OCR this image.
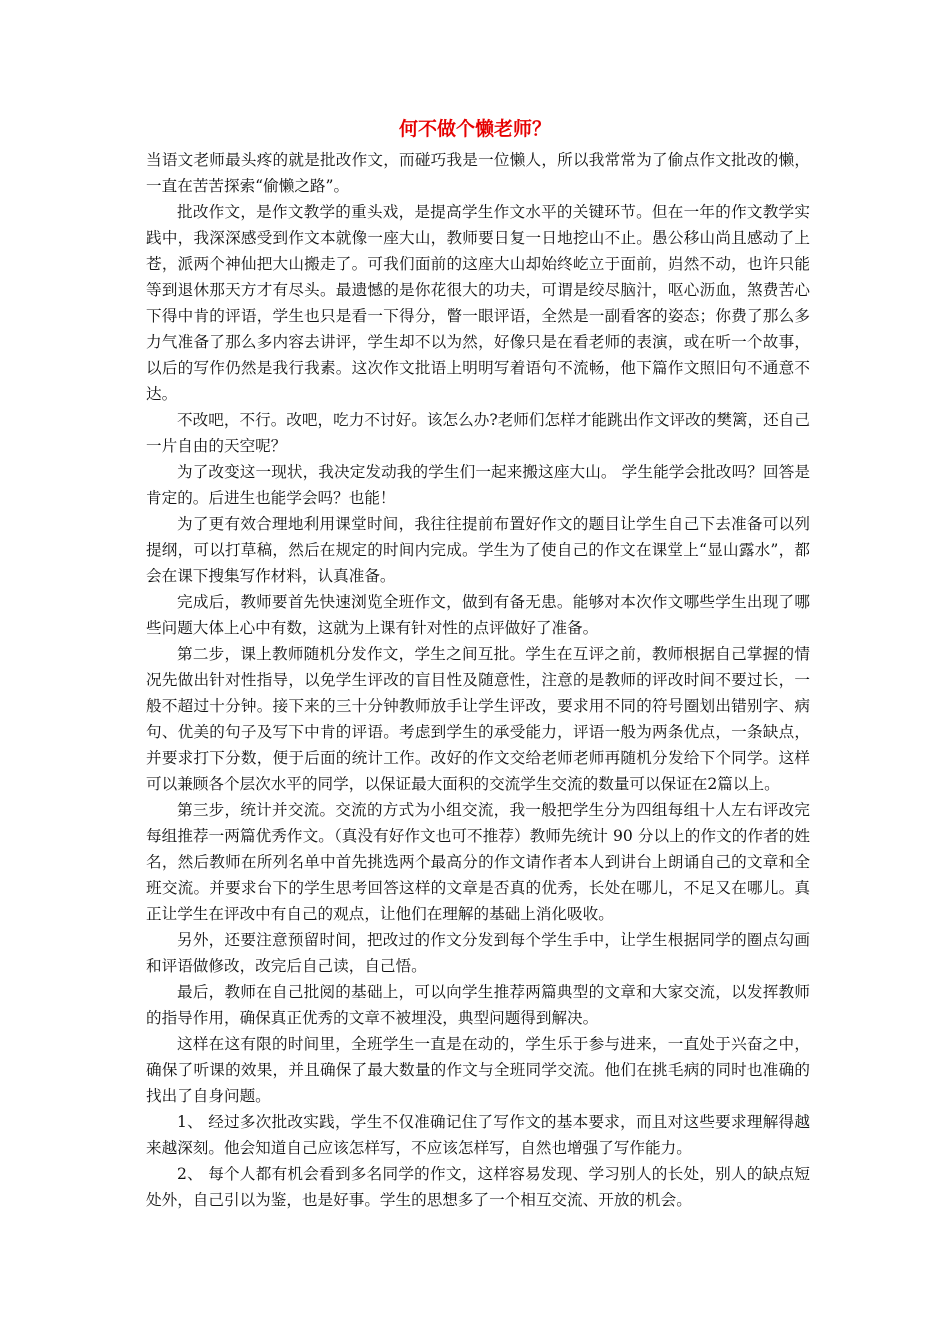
何不做个懒老师？

当语文老师最头疼的就是批改作文，而碰巧我是一位懒人，所以我常常为了偷点作文批改的懒，一直在苦苦探索“偷懒之路”。

批改作文，是作文教学的重头戏，是提高学生作文水平的关键环节。但在一年的作文教学实践中，我深深感受到作文本就像一座大山，教师要日复一日地挖山不止。愚公移山尚且感动了上苍，派两个神仙把大山搬走了。可我们面前的这座大山却始终屹立于面前，岿然不动，也许只能等到退休那天方才有尽头。最遗憾的是你花很大的功夫，可谓是绞尽脑汁，呕心沥血，煞费苦心下得中肯的评语，学生也只是看一下得分，瞥一眼评语，全然是一副看客的姿态；你费了那么多力气准备了那么多内容去讲评，学生却不以为然，好像只是在看老师的表演，或在听一个故事，以后的写作仍然是我行我素。这次作文批语上明明写着语句不流畅，他下篇作文照旧句不通意不达。

不改吧，不行。改吧，吃力不讨好。该怎么办?老师们怎样才能跳出作文评改的樊篱，还自己一片自由的天空呢？

为了改变这一现状，我决定发动我的学生们一起来搬这座大山。 学生能学会批改吗？回答是肯定的。后进生也能学会吗？也能！

为了更有效合理地利用课堂时间，我往往提前布置好作文的题目让学生自己下去准备可以列提纲，可以打草稿，然后在规定的时间内完成。学生为了使自己的作文在课堂上“显山露水”，都会在课下搜集写作材料，认真准备。

完成后，教师要首先快速浏览全班作文，做到有备无患。能够对本次作文哪些学生出现了哪些问题大体上心中有数，这就为上课有针对性的点评做好了准备。

第二步，课上教师随机分发作文，学生之间互批。学生在互评之前，教师根据自己掌握的情况先做出针对性指导，以免学生评改的盲目性及随意性，注意的是教师的评改时间不要过长，一般不超过十分钟。接下来的三十分钟教师放手让学生评改，要求用不同的符号圈划出错别字、病句、优美的句子及写下中肯的评语。考虑到学生的承受能力，评语一般为两条优点，一条缺点，并要求打下分数，便于后面的统计工作。改好的作文交给老师老师再随机分发给下个同学。这样可以兼顾各个层次水平的同学，以保证最大面积的交流学生交流的数量可以保证在2篇以上。

第三步，统计并交流。交流的方式为小组交流，我一般把学生分为四组每组十人左右评改完每组推荐一两篇优秀作文。（真没有好作文也可不推荐）教师先统计 90 分以上的作文的作者的姓名，然后教师在所列名单中首先挑选两个最高分的作文请作者本人到讲台上朗诵自己的文章和全班交流。并要求台下的学生思考回答这样的文章是否真的优秀，长处在哪儿，不足又在哪儿。真正让学生在评改中有自己的观点，让他们在理解的基础上消化吸收。

另外，还要注意预留时间，把改过的作文分发到每个学生手中，让学生根据同学的圈点勾画和评语做修改，改完后自己读，自己悟。

最后，教师在自己批阅的基础上，可以向学生推荐两篇典型的文章和大家交流，以发挥教师的指导作用，确保真正优秀的文章不被埋没，典型问题得到解决。

这样在这有限的时间里，全班学生一直是在动的，学生乐于参与进来，一直处于兴奋之中，确保了听课的效果，并且确保了最大数量的作文与全班同学交流。他们在挑毛病的同时也准确的找出了自身问题。

1、 经过多次批改实践，学生不仅准确记住了写作文的基本要求，而且对这些要求理解得越来越深刻。他会知道自己应该怎样写，不应该怎样写，自然也增强了写作能力。

2、 每个人都有机会看到多名同学的作文，这样容易发现、学习别人的长处，别人的缺点短处外，自己引以为鉴，也是好事。学生的思想多了一个相互交流、开放的机会。
